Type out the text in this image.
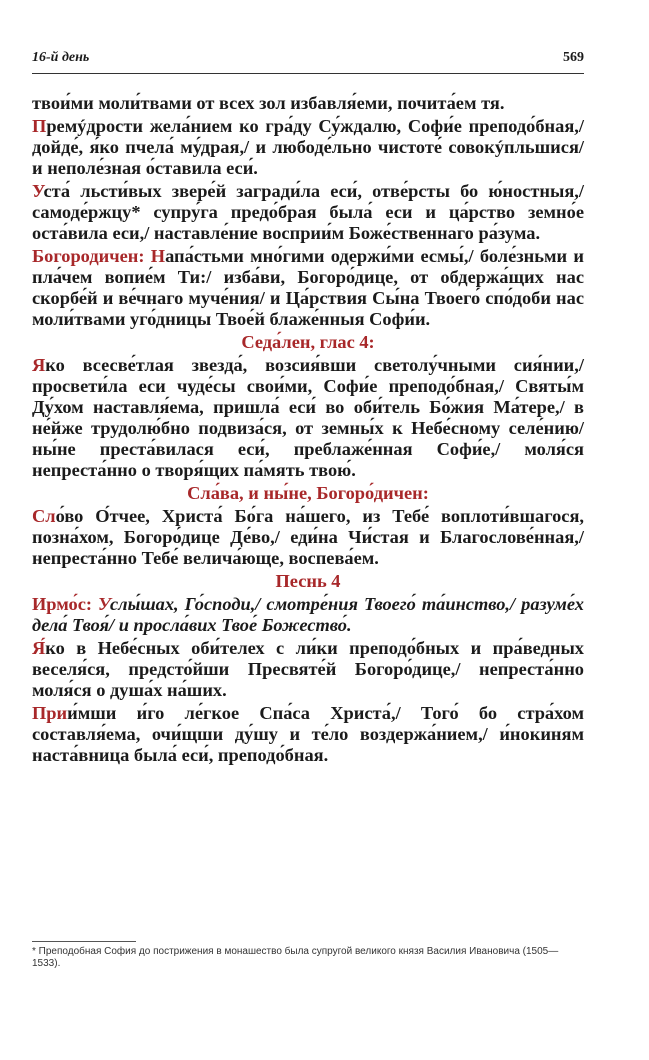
16-й день	569

твои́ми моли́твами от всех зол избавля́еми, почита́ем тя.

Премýдрости жела́нием ко гра́ду Су́ждалю, Софи́е преподо́бная,/ дойде́, я́ко пчела́ му́драя,/ и любоде́льно чистоте́ совокýпльшися/ и неполе́зная о́ставила еси́.

Уста́ льсти́вых звере́й загради́ла еси́, отве́рсты бо ю́ностныя,/ самоде́ржцу* супру́га предо́брая была́ еси и ца́рство земно́е оста́вила еси,/ наставле́ние восприи́м Боже́ственнаго ра́зума.

Богородичен: Напа́стьми мно́гими одержи́ми есмы́,/ боле́зньми и пла́чем вопие́м Ти:/ изба́ви, Богоро́дице, от обдержа́щих нас скорбе́й и ве́чнаго муче́ния/ и Ца́рствия Сы́на Твоего́ спо́доби нас моли́твами уго́дницы Твое́й блаже́нныя Софи́и.

Седа́лен, глас 4:

Яко всесве́тлая звезда́, возсия́вши светолу́чными сия́нии,/ просвети́ла еси чуде́сы свои́ми, Софи́е преподо́бная,/ Святы́м Ду́хом наставля́ема, пришла́ еси́ во оби́тель Бо́жия Ма́тере,/ в не́йже трудолю́бно подвиза́ся, от земны́х к Небе́сному селе́нию/ ны́не преста́вилася еси́, преблаже́нная Софи́е,/ моля́ся непреста́нно о творя́щих па́мять твою́.

Сла́ва, и ны́не, Богоро́дичен:

Сло́во О́тчее, Христа́ Бо́га на́шего, из Тебе́ воплоти́вшагося, позна́хом, Богоро́дице Де́во,/ еди́на Чи́стая и Благослове́нная,/ непреста́нно Тебе́ велича́юще, воспева́ем.

Песнь 4

Ирмо́с: Услы́шах, Го́споди,/ смотре́ния Твоего́ та́инство,/ разуме́х дела́ Твоя́/ и просла́вих Твое́ Божество́.

Я́ко в Небе́сных оби́телех с ли́ки преподо́бных и пра́ведных веселя́ся, предсто́йши Пресвяте́й Богоро́дице,/ непреста́нно моля́ся о душа́х на́ших.

Прии́мши и́го ле́гкое Спа́са Христа́,/ Того́ бо стра́хом составля́ема, очи́щши ду́шу и те́ло воздержа́нием,/ и́нокиням наста́вница была́ еси́, преподо́бная.

* Преподобная София до пострижения в монашество была супругой великого князя Василия Ивановича (1505—1533).
